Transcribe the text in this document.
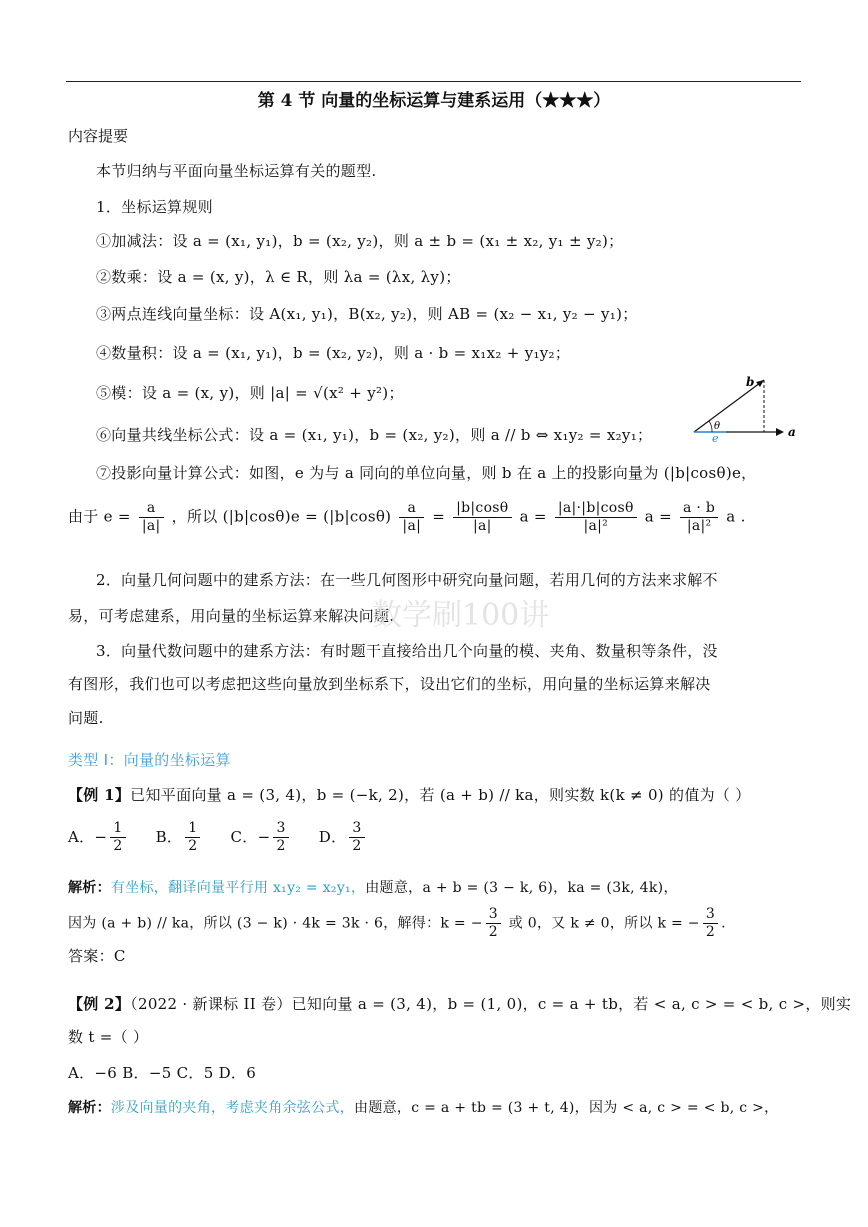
第 4 节 向量的坐标运算与建系运用（★★★）
内容提要
本节归纳与平面向量坐标运算有关的题型.
1．坐标运算规则
①加减法：设 a = (x₁, y₁)，b = (x₂, y₂)，则 a ± b = (x₁ ± x₂, y₁ ± y₂)；
②数乘：设 a = (x, y)，λ ∈ R，则 λa = (λx, λy)；
③两点连线向量坐标：设 A(x₁, y₁)，B(x₂, y₂)，则 AB = (x₂ − x₁, y₂ − y₁)；
④数量积：设 a = (x₁, y₁)，b = (x₂, y₂)，则 a · b = x₁x₂ + y₁y₂；
⑤模：设 a = (x, y)，则 |a| = √(x² + y²)；
⑥向量共线坐标公式：设 a = (x₁, y₁)，b = (x₂, y₂)，则 a // b ⇔ x₁y₂ = x₂y₁；
⑦投影向量计算公式：如图，e 为与 a 同向的单位向量，则 b 在 a 上的投影向量为 (|b|cosθ)e，
b
a
e
θ
由于 $e = \frac{a}{|a|}$ ，所以 $(|b|\cos\theta)e = (|b|\cos\theta) \frac{a}{|a|} = \frac{|b|\cos\theta}{|a|}$ $a = \frac{|a|\cdot|b|\cos\theta}{\text{|a|²}}$ $a = \frac{a \cdot b}{\text{|a|²}}$ a .
2．向量几何问题中的建系方法：在一些几何图形中研究向量问题，若用几何的方法来求解不
易，可考虑建系，用向量的坐标运算来解决问题.
数学刷100讲
3．向量代数问题中的建系方法：有时题干直接给出几个向量的模、夹角、数量积等条件，没
有图形，我们也可以考虑把这些向量放到坐标系下，设出它们的坐标，用向量的坐标运算来解决
问题.
类型 I：向量的坐标运算
【例 1】已知平面向量 a = (3, 4)，b = (−k, 2)，若 (a + b) // ka，则实数 k(k ≠ 0) 的值为（ ）
A．− $\frac{1}{2}$ B． $\frac{1}{2}$ C．− $\frac{3}{2}$ D． $\frac{3}{2}$
解析：有坐标，翻译向量平行用 x₁y₂ = x₂y₁，由题意，a + b = (3 − k, 6)，ka = (3k, 4k)，
因为 (a + b) // ka，所以 (3 − k) · 4k = 3k · 6，解得：k = − $\frac{3}{2}$ 或 0，又 k ≠ 0，所以 k = − $\frac{3}{2}$ .
答案：C
【例 2】（2022 · 新课标 II 卷）已知向量 a = (3, 4)，b = (1, 0)，c = a + tb，若 < a, c > = < b, c >，则实
数 t =（ ）
A．−6 B．−5 C．5 D．6
解析：涉及向量的夹角，考虑夹角余弦公式，由题意，c = a + tb = (3 + t, 4)，因为 < a, c > = < b, c >，
